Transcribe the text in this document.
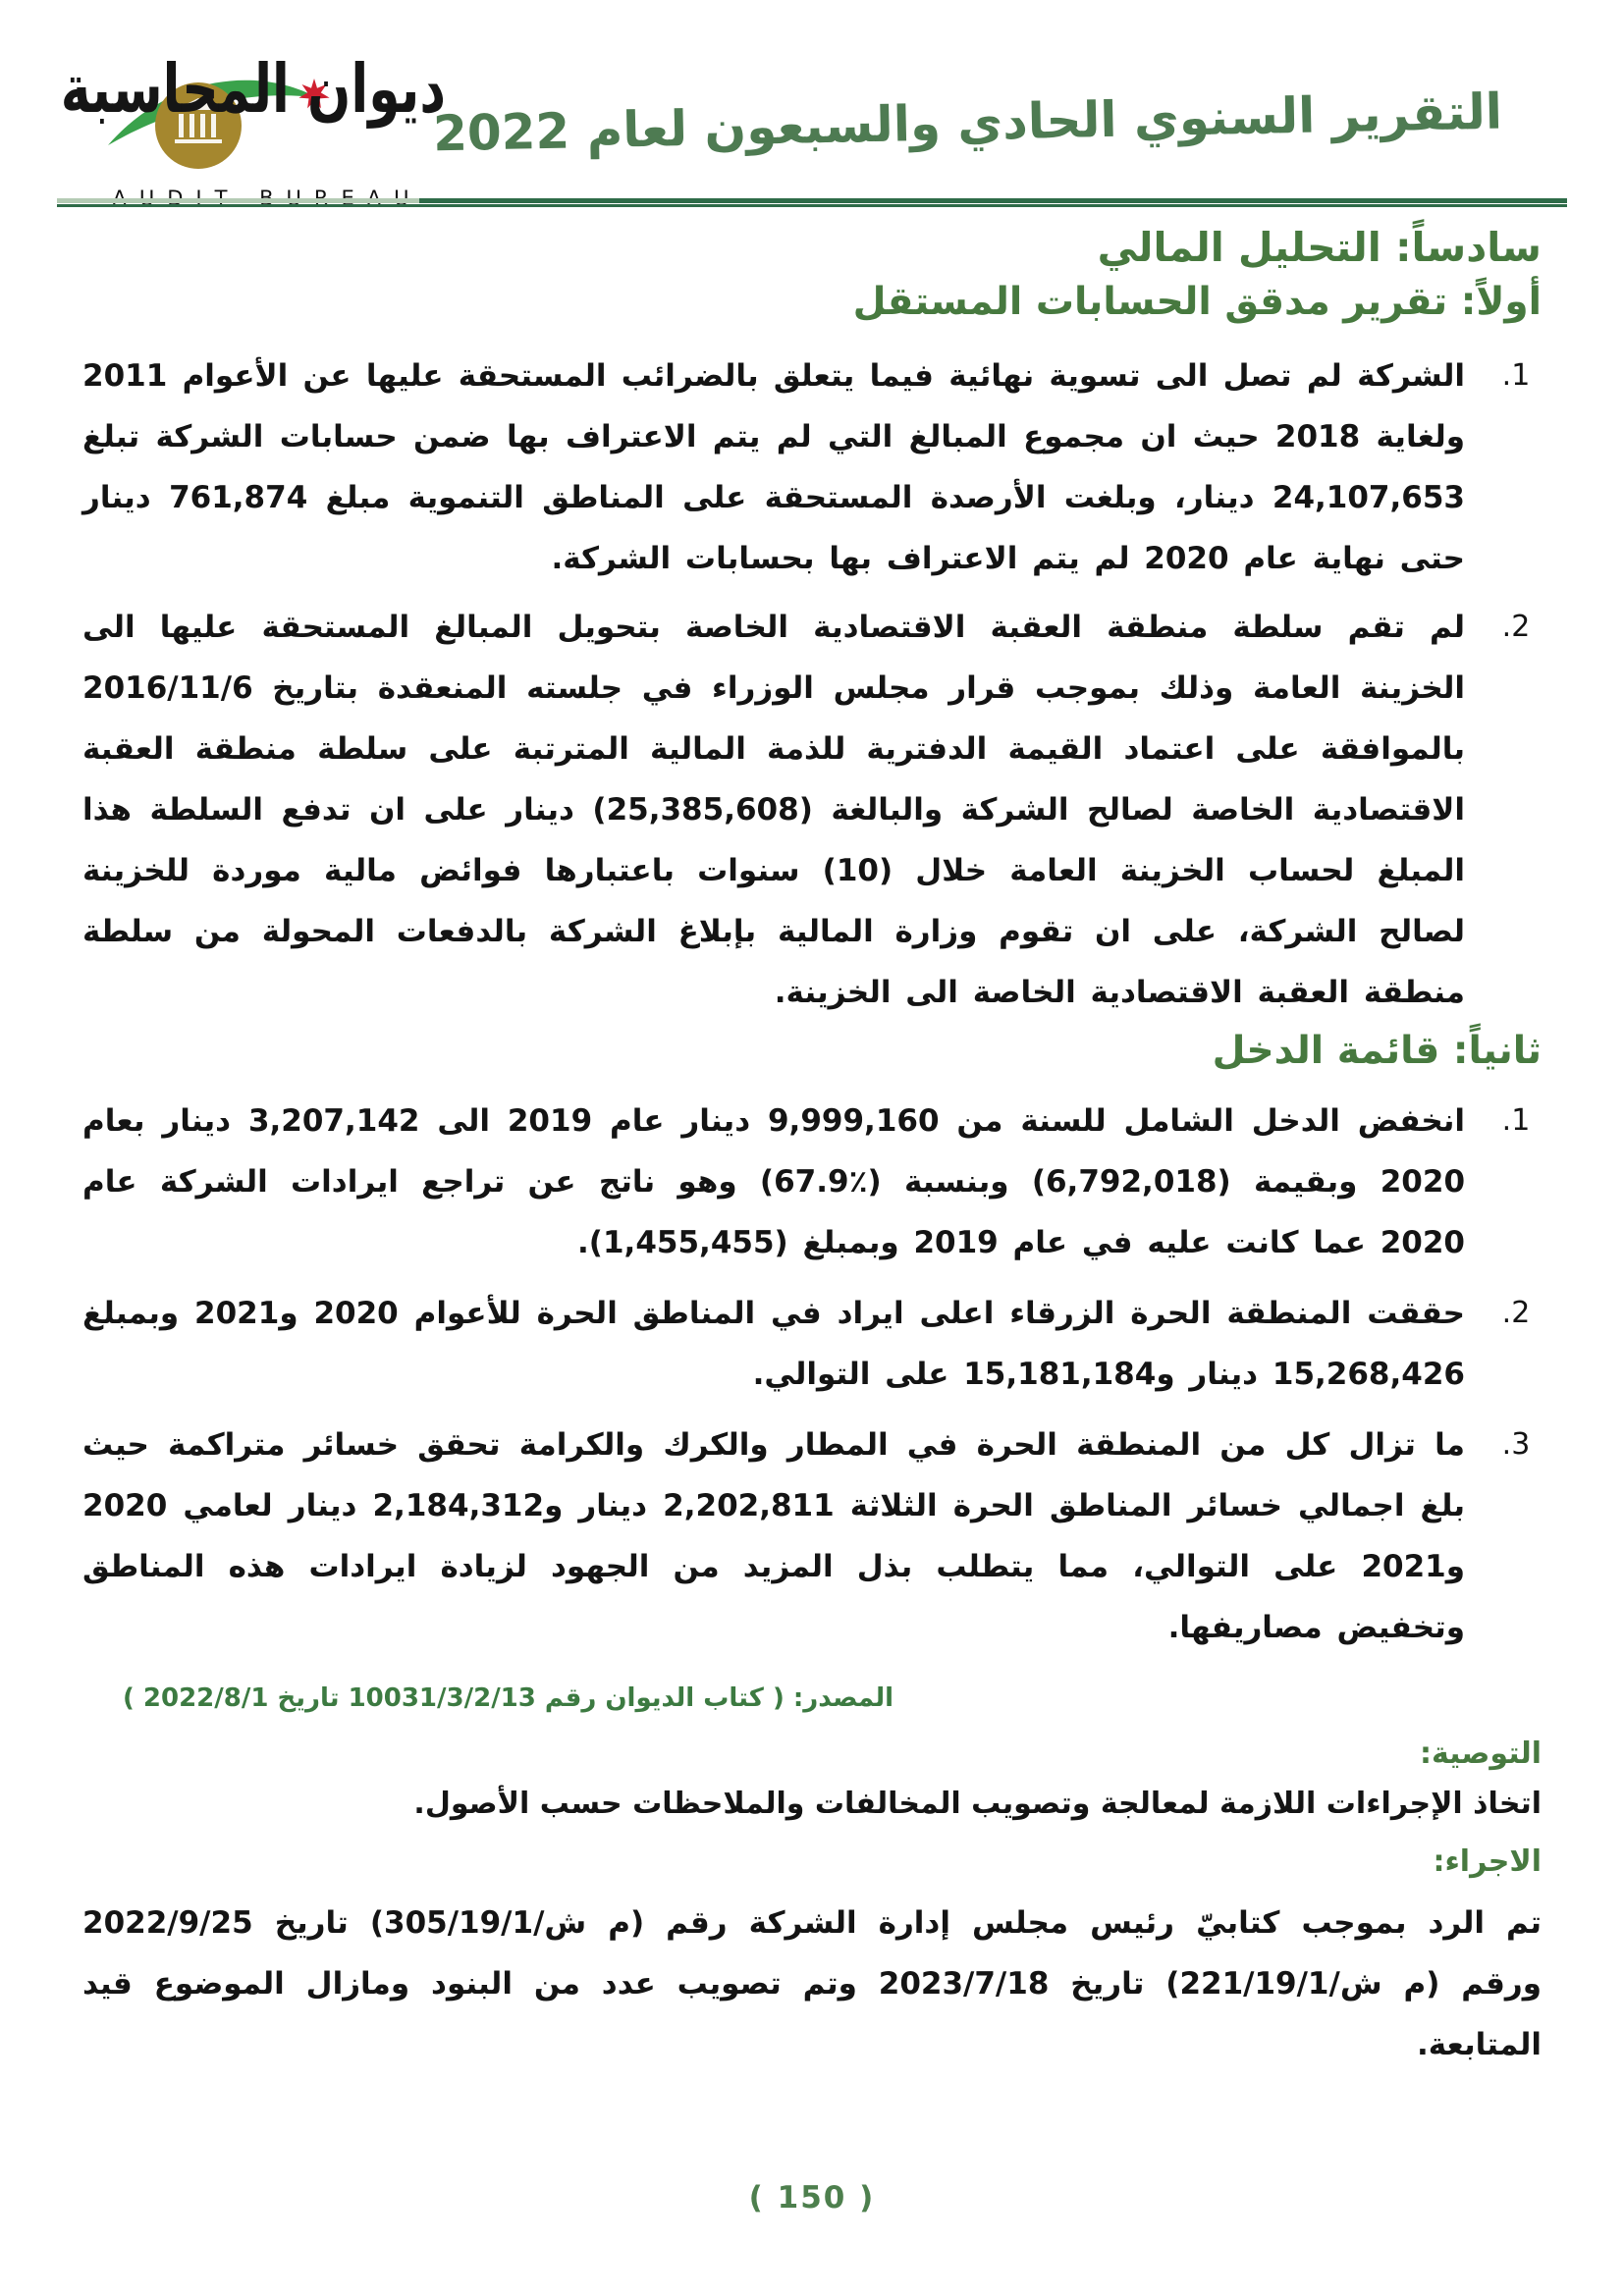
ديوان المحاسبة
التقرير السنوي الحادي والسبعون لعام 2022
سادساً: التحليل المالي
أولاً: تقرير مدقق الحسابات المستقل
1.

الشركة لم تصل الى تسوية نهائية فيما يتعلق بالضرائب المستحقة عليها عن الأعوام 2011 ولغاية 2018 حيث ان مجموع المبالغ التي لم يتم الاعتراف بها ضمن حسابات الشركة تبلغ 24,107,653 دينار، وبلغت الأرصدة المستحقة على المناطق التنموية مبلغ 761,874 دينار حتى نهاية عام 2020 لم يتم الاعتراف بها بحسابات الشركة.

2.

لم تقم سلطة منطقة العقبة الاقتصادية الخاصة بتحويل المبالغ المستحقة عليها الى الخزينة العامة وذلك بموجب قرار مجلس الوزراء في جلسته المنعقدة بتاريخ 2016/11/6 بالموافقة على اعتماد القيمة الدفترية للذمة المالية المترتبة على سلطة منطقة العقبة الاقتصادية الخاصة لصالح الشركة والبالغة (25,385,608) دينار على ان تدفع السلطة هذا المبلغ لحساب الخزينة العامة خلال (10) سنوات باعتبارها فوائض مالية موردة للخزينة لصالح الشركة، على ان تقوم وزارة المالية بإبلاغ الشركة بالدفعات المحولة من سلطة منطقة العقبة الاقتصادية الخاصة الى الخزينة.

ثانياً: قائمة الدخل
1.

انخفض الدخل الشامل للسنة من 9,999,160 دينار عام 2019 الى 3,207,142 دينار بعام 2020 وبقيمة (6,792,018) وبنسبة (٪67.9) وهو ناتج عن تراجع ايرادات الشركة عام 2020 عما كانت عليه في عام 2019 وبمبلغ (1,455,455).

2.

حققت المنطقة الحرة الزرقاء اعلى ايراد في المناطق الحرة للأعوام 2020 و2021 وبمبلغ 15,268,426 دينار و15,181,184 على التوالي.

3.

ما تزال كل من المنطقة الحرة في المطار والكرك والكرامة تحقق خسائر متراكمة حيث بلغ اجمالي خسائر المناطق الحرة الثلاثة 2,202,811 دينار و2,184,312 دينار لعامي 2020 و2021 على التوالي، مما يتطلب بذل المزيد من الجهود لزيادة ايرادات هذه المناطق وتخفيض مصاريفها.

المصدر: ( كتاب الديوان رقم 10031/3/2/13 تاريخ 2022/8/1 )
التوصية:

اتخاذ الإجراءات اللازمة لمعالجة وتصويب المخالفات والملاحظات حسب الأصول.

الاجراء:

تم الرد بموجب كتابيّ رئيس مجلس إدارة الشركة رقم (م ش/305/19/1) تاريخ 2022/9/25 ورقم (م ش/221/19/1) تاريخ 2023/7/18 وتم تصويب عدد من البنود ومازال الموضوع قيد المتابعة.

( 150 )
